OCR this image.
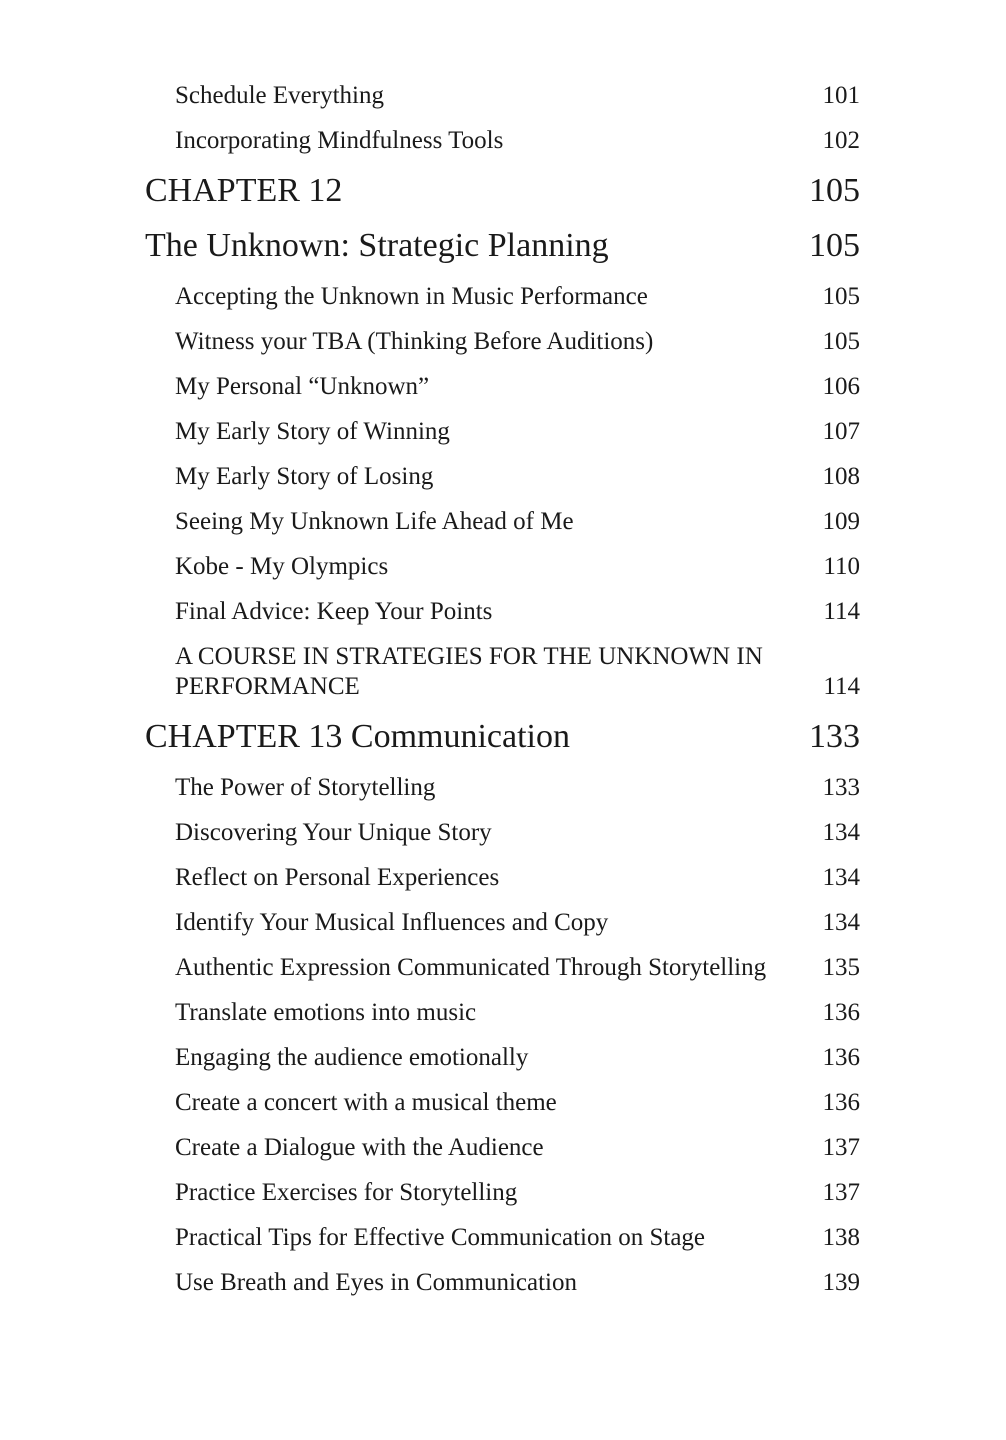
Schedule Everything	101
Incorporating Mindfulness Tools	102
CHAPTER 12	105
The Unknown: Strategic Planning	105
Accepting the Unknown in Music Performance	105
Witness your TBA (Thinking Before Auditions)	105
My Personal “Unknown”	106
My Early Story of Winning	107
My Early Story of Losing	108
Seeing My Unknown Life Ahead of Me	109
Kobe - My Olympics	110
Final Advice: Keep Your Points	114
A COURSE IN STRATEGIES FOR THE UNKNOWN IN PERFORMANCE	114
CHAPTER 13 Communication	133
The Power of Storytelling	133
Discovering Your Unique Story	134
Reflect on Personal Experiences	134
Identify Your Musical Influences and Copy	134
Authentic Expression Communicated Through Storytelling 135
Translate emotions into music	136
Engaging the audience emotionally	136
Create a concert with a musical theme	136
Create a Dialogue with the Audience	137
Practice Exercises for Storytelling	137
Practical Tips for Effective Communication on Stage	138
Use Breath and Eyes in Communication	139
